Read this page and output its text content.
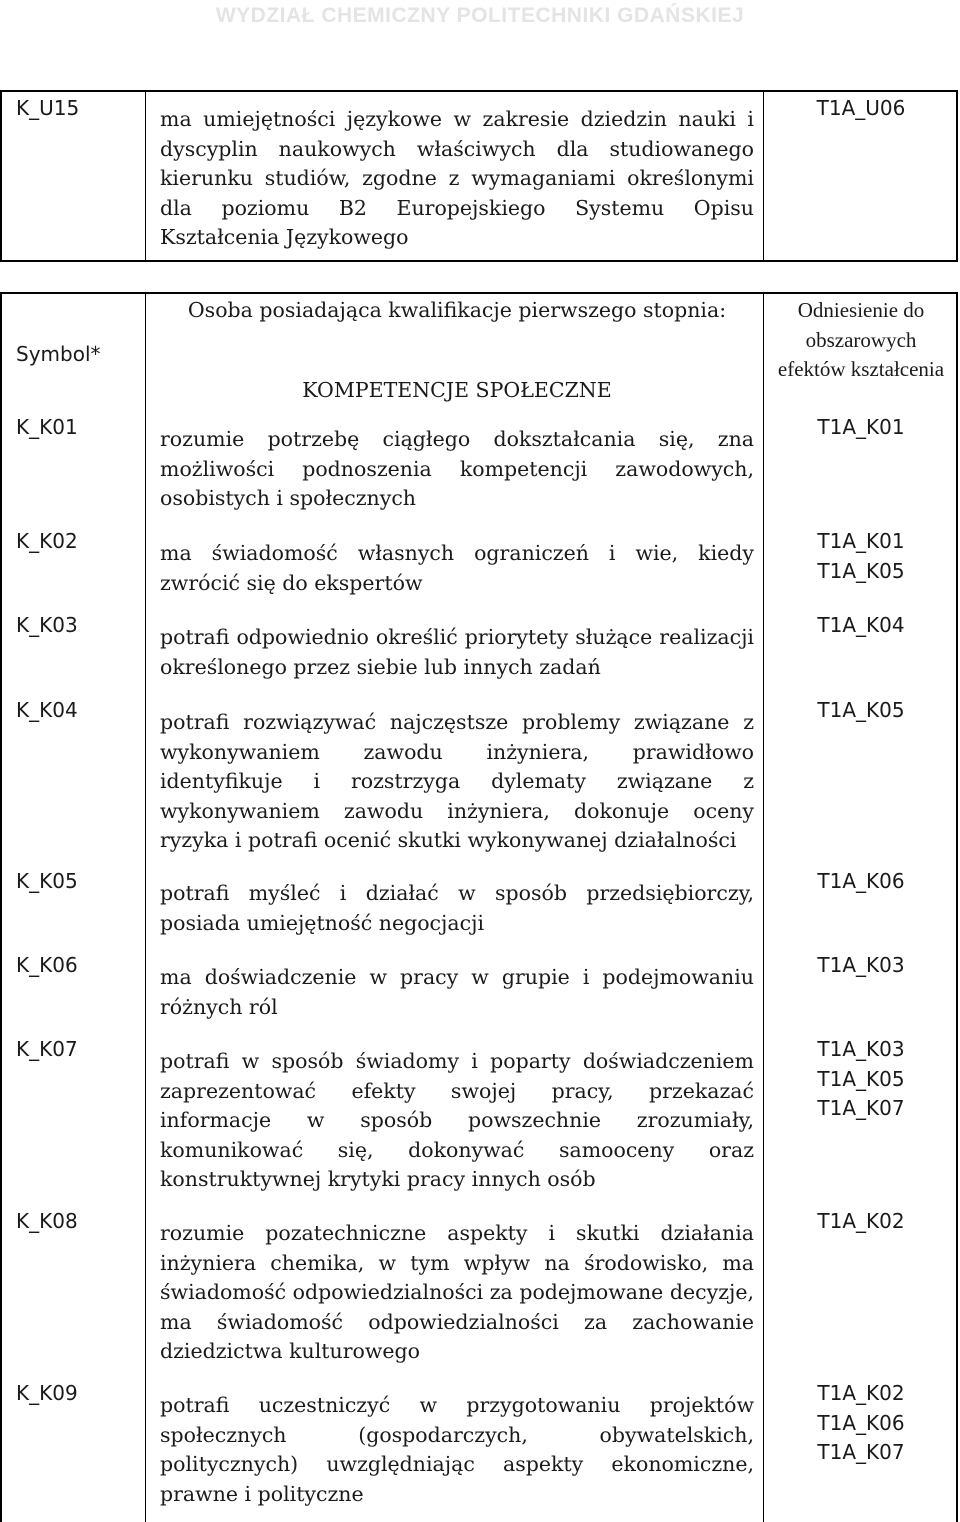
WYDZIAŁ CHEMICZNY POLITECHNIKI GDAŃSKIEJ
K_U15	ma umiejętności językowe w zakresie dziedzin nauki i dyscyplin naukowych właściwych dla studiowanego kierunku studiów, zgodne z wymaganiami określonymi dla poziomu B2 Europejskiego Systemu Opisu Kształcenia Językowego
T1A_U06
Symbol*
Osoba posiadająca kwalifikacje pierwszego stopnia:
KOMPETENCJE SPOŁECZNE
Odniesienie do obszarowych efektów kształcenia
K_K01	rozumie potrzebę ciągłego dokształcania się, zna możliwości podnoszenia kompetencji zawodowych, osobistych i społecznych
T1A_K01
K_K02	ma świadomość własnych ograniczeń i wie, kiedy zwrócić się do ekspertów
T1A_K01
T1A_K05
K_K03	potrafi odpowiednio określić priorytety służące realizacji określonego przez siebie lub innych zadań
T1A_K04
K_K04	potrafi rozwiązywać najczęstsze problemy związane z wykonywaniem zawodu inżyniera, prawidłowo identyfikuje i rozstrzyga dylematy związane z wykonywaniem zawodu inżyniera, dokonuje oceny ryzyka i potrafi ocenić skutki wykonywanej działalności
T1A_K05
K_K05	potrafi myśleć i działać w sposób przedsiębiorczy, posiada umiejętność negocjacji
T1A_K06
K_K06	ma doświadczenie w pracy w grupie i podejmowaniu różnych ról
T1A_K03
K_K07	potrafi w sposób świadomy i poparty doświadczeniem zaprezentować efekty swojej pracy, przekazać informacje w sposób powszechnie zrozumiały, komunikować się, dokonywać samooceny oraz konstruktywnej krytyki pracy innych osób
T1A_K03
T1A_K05
T1A_K07
K_K08	rozumie pozatechniczne aspekty i skutki działania inżyniera chemika, w tym wpływ na środowisko, ma świadomość odpowiedzialności za podejmowane decyzje, ma świadomość odpowiedzialności za zachowanie dziedzictwa kulturowego
T1A_K02
K_K09	potrafi uczestniczyć w przygotowaniu projektów społecznych (gospodarczych, obywatelskich, politycznych) uwzględniając aspekty ekonomiczne, prawne i polityczne
T1A_K02
T1A_K06
T1A_K07
